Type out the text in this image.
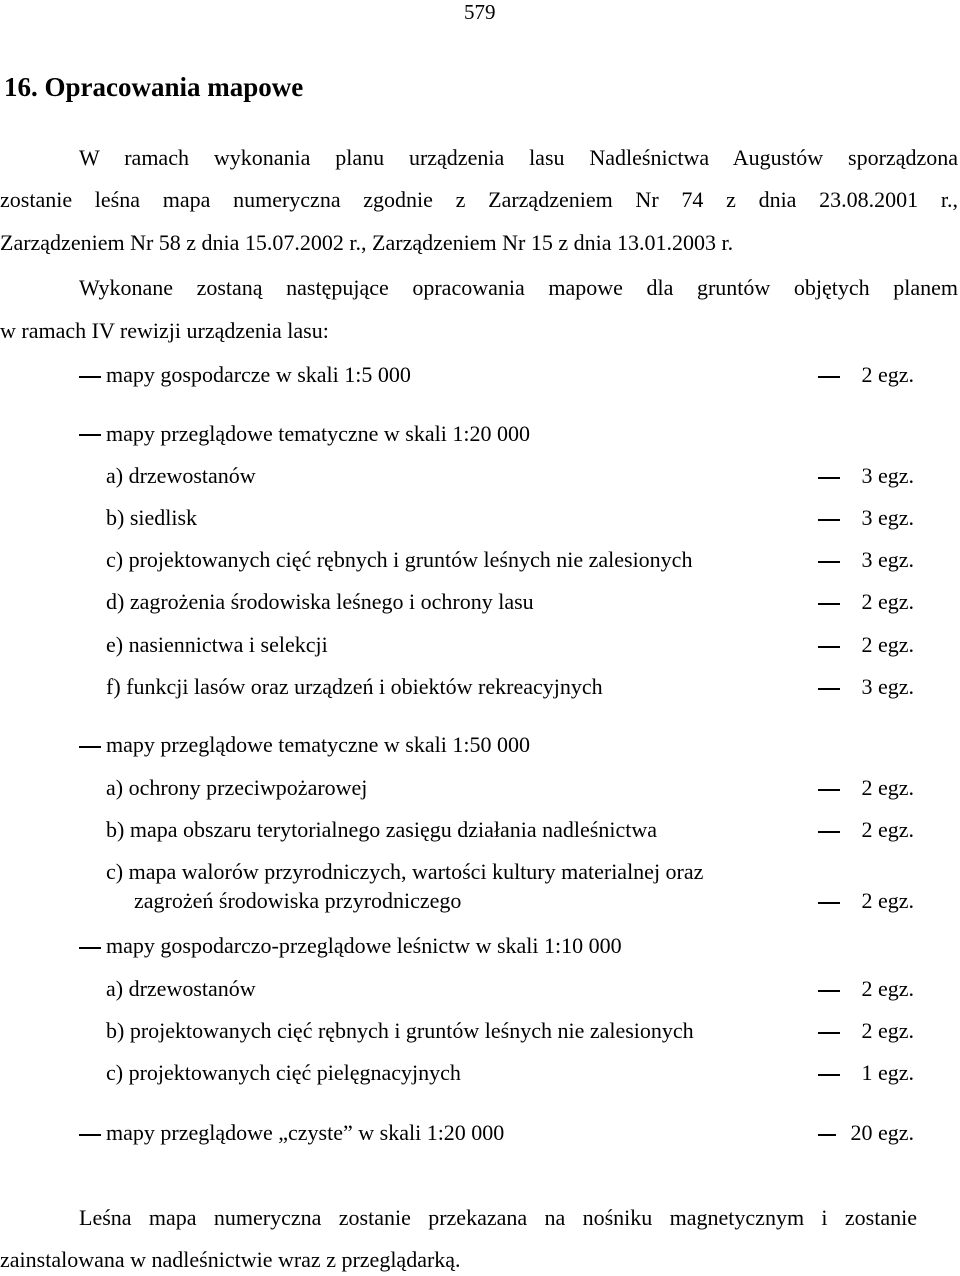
579
16. Opracowania mapowe
W ramach wykonania planu urządzenia lasu Nadleśnictwa Augustów sporządzona
zostanie leśna mapa numeryczna zgodnie z Zarządzeniem Nr 74 z dnia 23.08.2001 r.,
Zarządzeniem Nr 58 z dnia 15.07.2002 r., Zarządzeniem Nr 15 z dnia 13.01.2003 r.
Wykonane zostaną następujące opracowania mapowe dla gruntów objętych planem
w ramach IV rewizji urządzenia lasu:
mapy gospodarcze w skali 1:5 000	2 egz.
mapy przeglądowe tematyczne w skali 1:20 000
a) drzewostanów	3 egz.
b) siedlisk	3 egz.
c) projektowanych cięć rębnych i gruntów leśnych nie zalesionych	3 egz.
d) zagrożenia środowiska leśnego i ochrony lasu	2 egz.
e) nasiennictwa i selekcji	2 egz.
f) funkcji lasów oraz urządzeń i obiektów rekreacyjnych	3 egz.
mapy przeglądowe tematyczne w skali 1:50 000
a) ochrony przeciwpożarowej	2 egz.
b) mapa obszaru terytorialnego zasięgu działania nadleśnictwa	2 egz.
c) mapa walorów przyrodniczych, wartości kultury materialnej oraz
zagrożeń środowiska przyrodniczego	2 egz.
mapy gospodarczo-przeglądowe leśnictw w skali 1:10 000
a) drzewostanów	2 egz.
b) projektowanych cięć rębnych i gruntów leśnych nie zalesionych	2 egz.
c) projektowanych cięć pielęgnacyjnych	1 egz.
mapy przeglądowe „czyste” w skali 1:20 000	20 egz.
Leśna mapa numeryczna zostanie przekazana na nośniku magnetycznym i zostanie
zainstalowana w nadleśnictwie wraz z przeglądarką.
